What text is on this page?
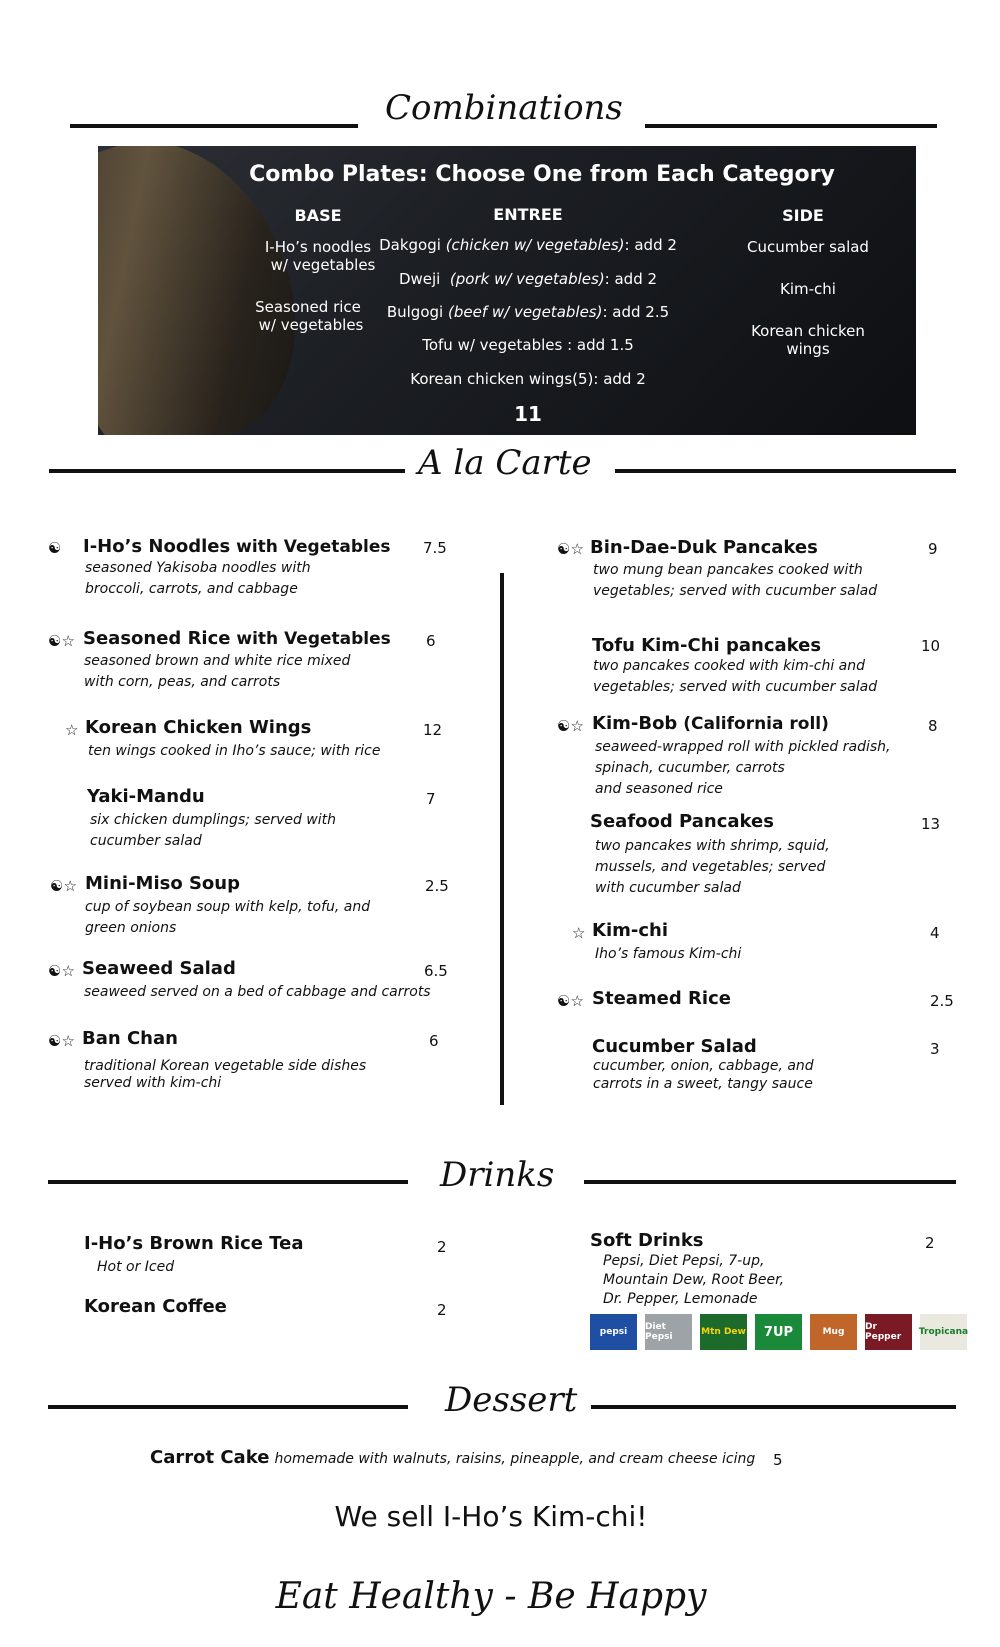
Combinations
Combo Plates: Choose One from Each Category
BASE	ENTREE	SIDE
I-Ho’s noodles
w/ vegetables
Seasoned rice
w/ vegetables
Dakgogi (chicken w/ vegetables): add 2
Dweji (pork w/ vegetables): add 2
Bulgogi (beef w/ vegetables): add 2.5
Tofu w/ vegetables : add 1.5
Korean chicken wings(5): add 2
Cucumber salad
Kim-chi
Korean chicken
wings
11
A la Carte
☯ I-Ho’s Noodles with Vegetables 7.5
seasoned Yakisoba noodles with
broccoli, carrots, and cabbage
☯☆ Seasoned Rice with Vegetables 6
seasoned brown and white rice mixed
with corn, peas, and carrots
☆ Korean Chicken Wings	12
ten wings cooked in Iho’s sauce; with rice
Yaki-Mandu	7
six chicken dumplings; served with
cucumber salad
☯☆ Mini-Miso Soup	2.5
cup of soybean soup with kelp, tofu, and
green onions
☯☆ Seaweed Salad	6.5
seaweed served on a bed of cabbage and carrots
☯☆ Ban Chan	6
traditional Korean vegetable side dishes
served with kim-chi
☯☆ Bin-Dae-Duk Pancakes	9
two mung bean pancakes cooked with
vegetables; served with cucumber salad
Tofu Kim-Chi pancakes	10
two pancakes cooked with kim-chi and
vegetables; served with cucumber salad
☯☆ Kim-Bob (California roll)	8
seaweed-wrapped roll with pickled radish,
spinach, cucumber, carrots
and seasoned rice
Seafood Pancakes	13
two pancakes with shrimp, squid,
mussels, and vegetables; served
with cucumber salad
☆ Kim-chi	4
Iho’s famous Kim-chi
☯☆ Steamed Rice	2.5
Cucumber Salad	3
cucumber, onion, cabbage, and
carrots in a sweet, tangy sauce
Drinks
I-Ho’s Brown Rice Tea	2
Hot or Iced
Korean Coffee	2
Soft Drinks	2
Pepsi, Diet Pepsi, 7-up,
Mountain Dew, Root Beer,
Dr. Pepper, Lemonade
pepsi	Diet Pepsi	Mtn Dew	7UP	Mug	Dr Pepper	Tropicana
Dessert
Carrot Cake homemade with walnuts, raisins, pineapple, and cream cheese icing 5
We sell I-Ho’s Kim-chi!
Eat Healthy - Be Happy
